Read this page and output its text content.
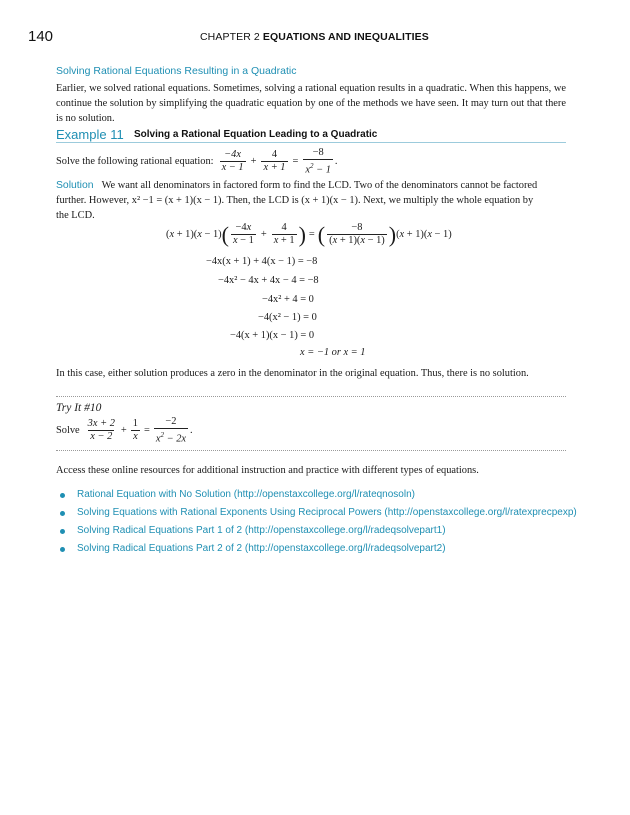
140	CHAPTER 2 EQUATIONS AND INEQUALITIES
Solving Rational Equations Resulting in a Quadratic
Earlier, we solved rational equations. Sometimes, solving a rational equation results in a quadratic. When this happens, we continue the solution by simplifying the quadratic equation by one of the methods we have seen. It may turn out that there is no solution.
Example 11 Solving a Rational Equation Leading to a Quadratic
Solve the following rational equation: $\frac{-4x}{x - 1} + \frac{4}{x + 1} = \frac{-8}{x^2 - 1}$ .
Solution We want all denominators in factored form to find the LCD. Two of the denominators cannot be factored
further. However, x² −1 = (x + 1)(x − 1). Then, the LCD is (x + 1)(x − 1). Next, we multiply the whole equation by
the LCD.
(x + 1)(x − 1) ( $\frac{-4x}{x - 1} + \frac{4}{x + 1}$ ) = ( $\frac{-8}{(x + 1)(x - 1)}$ ) (x + 1)(x − 1)
−4x(x + 1) + 4(x − 1) = −8
−4x² − 4x + 4x − 4 = −8
−4x² + 4 = 0
−4(x² − 1) = 0
−4(x + 1)(x − 1) = 0
x = −1 or x = 1
In this case, either solution produces a zero in the denominator in the original equation. Thus, there is no solution.
Try It #10
Solve $\frac{3x + 2}{x - 2} + \frac{1}{x} = \frac{-2}{x^2 - 2x}$ .
Access these online resources for additional instruction and practice with different types of equations.
Rational Equation with No Solution (http://openstaxcollege.org/l/rateqnosoln)
Solving Equations with Rational Exponents Using Reciprocal Powers (http://openstaxcollege.org/l/ratexprecpexp)
Solving Radical Equations Part 1 of 2 (http://openstaxcollege.org/l/radeqsolvepart1)
Solving Radical Equations Part 2 of 2 (http://openstaxcollege.org/l/radeqsolvepart2)
